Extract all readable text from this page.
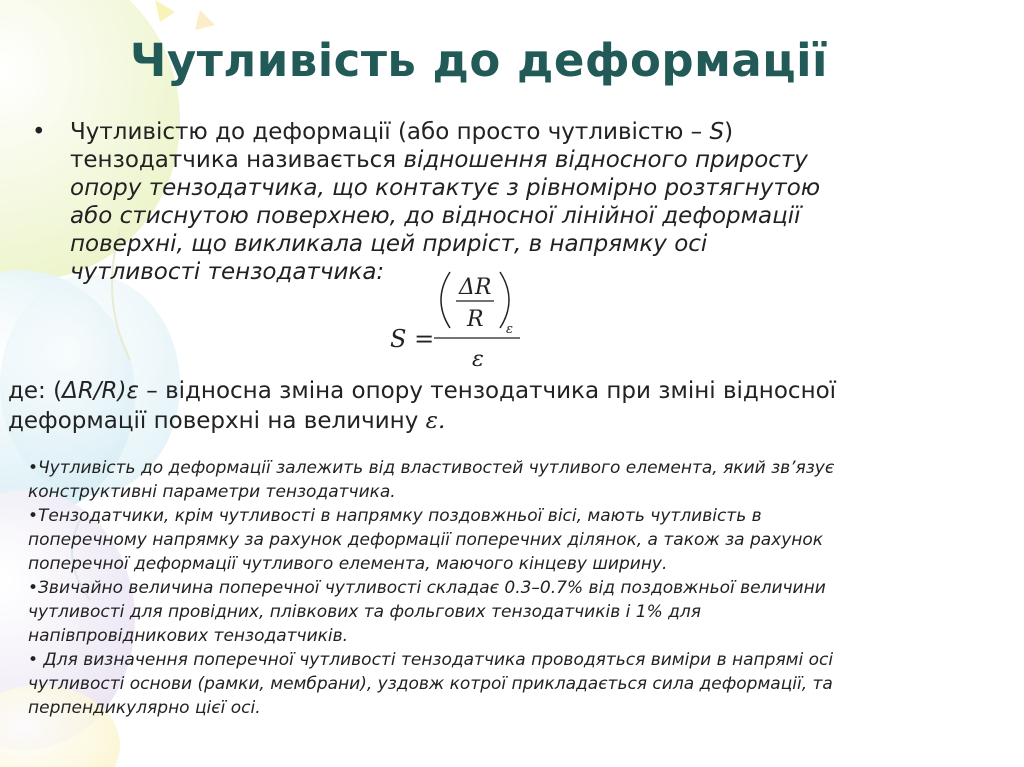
Чутливість до деформації
• Чутливістю до деформації (або просто чутливістю – S)
тензодатчика називається відношення відносного приросту
опору тензодатчика, що контактує з рівномірно розтягнутою
або стиснутою поверхнею, до відносної лінійної деформації
поверхні, що викликала цей приріст, в напрямку осі
чутливості тензодатчика:
S =
ΔR
R ε
ε
де: (ΔR/R)ε – відносна зміна опору тензодатчика при зміні відносної
деформації поверхні на величину ε.
•Чутливість до деформації залежить від властивостей чутливого елемента, який зв’язує
конструктивні параметри тензодатчика.
•Тензодатчики, крім чутливості в напрямку поздовжньої вісі, мають чутливість в
поперечному напрямку за рахунок деформації поперечних ділянок, а також за рахунок
поперечної деформації чутливого елемента, маючого кінцеву ширину.
•Звичайно величина поперечної чутливості складає 0.3–0.7% від поздовжньої величини
чутливості для провідних, плівкових та фольгових тензодатчиків і 1% для
напівпровідникових тензодатчиків.
• Для визначення поперечної чутливості тензодатчика проводяться виміри в напрямі осі
чутливості основи (рамки, мембрани), уздовж котрої прикладається сила деформації, та
перпендикулярно цієї осі.
